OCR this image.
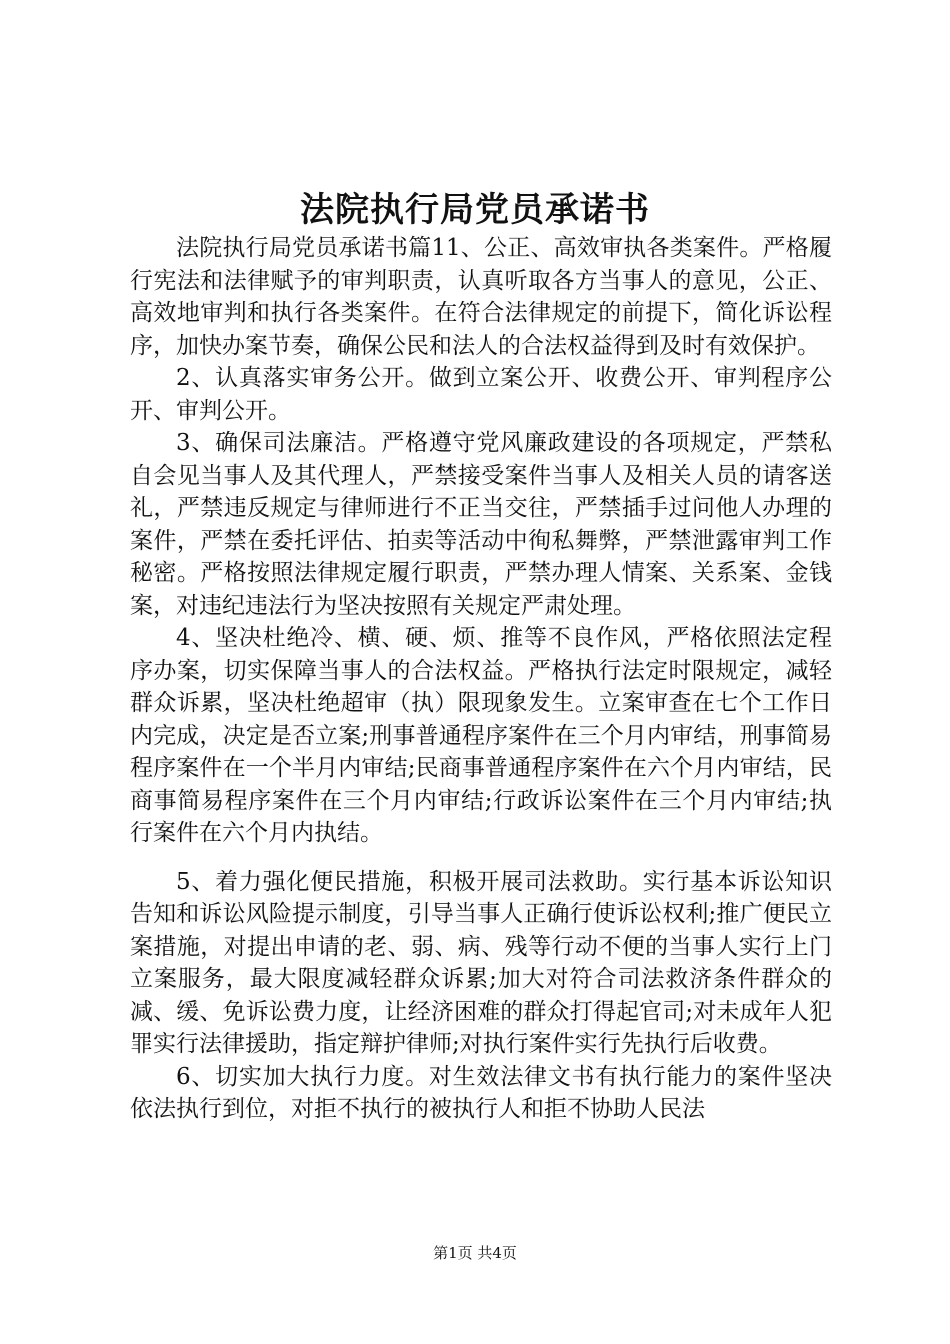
法院执行局党员承诺书

法院执行局党员承诺书篇11、公正、高效审执各类案件。严格履行宪法和法律赋予的审判职责，认真听取各方当事人的意见，公正、高效地审判和执行各类案件。在符合法律规定的前提下，简化诉讼程序，加快办案节奏，确保公民和法人的合法权益得到及时有效保护。

2、认真落实审务公开。做到立案公开、收费公开、审判程序公开、审判公开。

3、确保司法廉洁。严格遵守党风廉政建设的各项规定，严禁私自会见当事人及其代理人，严禁接受案件当事人及相关人员的请客送礼，严禁违反规定与律师进行不正当交往，严禁插手过问他人办理的案件，严禁在委托评估、拍卖等活动中徇私舞弊，严禁泄露审判工作秘密。严格按照法律规定履行职责，严禁办理人情案、关系案、金钱案，对违纪违法行为坚决按照有关规定严肃处理。

4、坚决杜绝冷、横、硬、烦、推等不良作风，严格依照法定程序办案，切实保障当事人的合法权益。严格执行法定时限规定，减轻群众诉累，坚决杜绝超审（执）限现象发生。立案审查在七个工作日内完成，决定是否立案;刑事普通程序案件在三个月内审结，刑事简易程序案件在一个半月内审结;民商事普通程序案件在六个月内审结，民商事简易程序案件在三个月内审结;行政诉讼案件在三个月内审结;执行案件在六个月内执结。

5、着力强化便民措施，积极开展司法救助。实行基本诉讼知识告知和诉讼风险提示制度，引导当事人正确行使诉讼权利;推广便民立案措施，对提出申请的老、弱、病、残等行动不便的当事人实行上门立案服务，最大限度减轻群众诉累;加大对符合司法救济条件群众的减、缓、免诉讼费力度，让经济困难的群众打得起官司;对未成年人犯罪实行法律援助，指定辩护律师;对执行案件实行先执行后收费。

6、切实加大执行力度。对生效法律文书有执行能力的案件坚决依法执行到位，对拒不执行的被执行人和拒不协助人民法

第1页 共4页
